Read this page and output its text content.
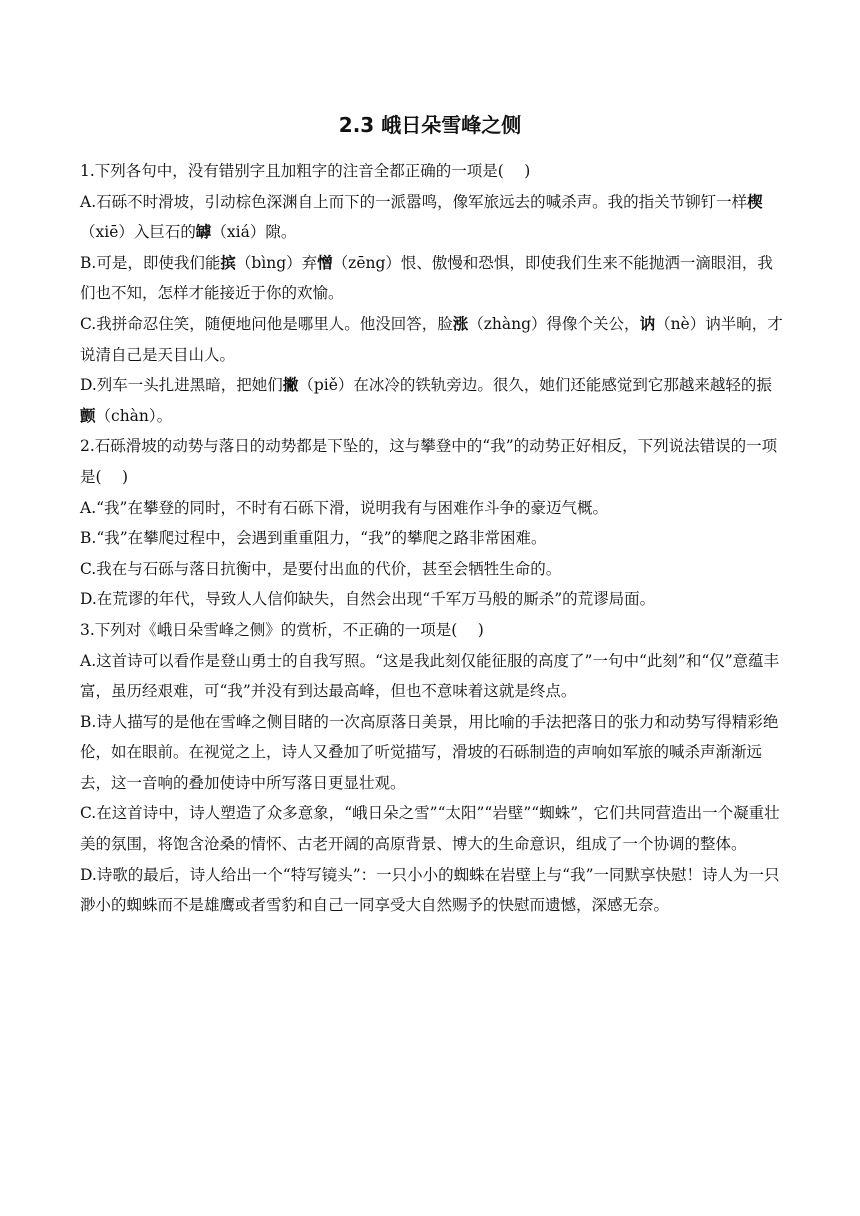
2.3 峨日朵雪峰之侧

1.下列各句中，没有错别字且加粗字的注音全都正确的一项是(　 )

A.石砾不时滑坡，引动棕色深渊自上而下的一派嚣鸣，像军旅远去的喊杀声。我的指关节铆钉一样楔（xiē）入巨石的罅（xiá）隙。

B.可是，即使我们能摈（bìng）弃憎（zēng）恨、傲慢和恐惧，即使我们生来不能抛洒一滴眼泪，我们也不知，怎样才能接近于你的欢愉。

C.我拼命忍住笑，随便地问他是哪里人。他没回答，脸涨（zhàng）得像个关公，讷（nè）讷半晌，才说清自己是天目山人。

D.列车一头扎进黑暗，把她们撇（piě）在冰冷的铁轨旁边。很久，她们还能感觉到它那越来越轻的振颤（chàn）。

2.石砾滑坡的动势与落日的动势都是下坠的，这与攀登中的“我”的动势正好相反，下列说法错误的一项是(　 )

A.“我”在攀登的同时，不时有石砾下滑，说明我有与困难作斗争的豪迈气概。

B.“我”在攀爬过程中，会遇到重重阻力，“我”的攀爬之路非常困难。

C.我在与石砾与落日抗衡中，是要付出血的代价，甚至会牺牲生命的。

D.在荒谬的年代，导致人人信仰缺失，自然会出现“千军万马般的厮杀”的荒谬局面。

3.下列对《峨日朵雪峰之侧》的赏析，不正确的一项是(　 )

A.这首诗可以看作是登山勇士的自我写照。“这是我此刻仅能征服的高度了”一句中“此刻”和“仅”意蕴丰富，虽历经艰难，可“我”并没有到达最高峰，但也不意味着这就是终点。

B.诗人描写的是他在雪峰之侧目睹的一次高原落日美景，用比喻的手法把落日的张力和动势写得精彩绝伦，如在眼前。在视觉之上，诗人又叠加了听觉描写，滑坡的石砾制造的声响如军旅的喊杀声渐渐远去，这一音响的叠加使诗中所写落日更显壮观。

C.在这首诗中，诗人塑造了众多意象，“峨日朵之雪”“太阳”“岩壁”“蜘蛛”，它们共同营造出一个凝重壮美的氛围，将饱含沧桑的情怀、古老开阔的高原背景、博大的生命意识，组成了一个协调的整体。

D.诗歌的最后，诗人给出一个“特写镜头”：一只小小的蜘蛛在岩壁上与“我”一同默享快慰！诗人为一只渺小的蜘蛛而不是雄鹰或者雪豹和自己一同享受大自然赐予的快慰而遗憾，深感无奈。
